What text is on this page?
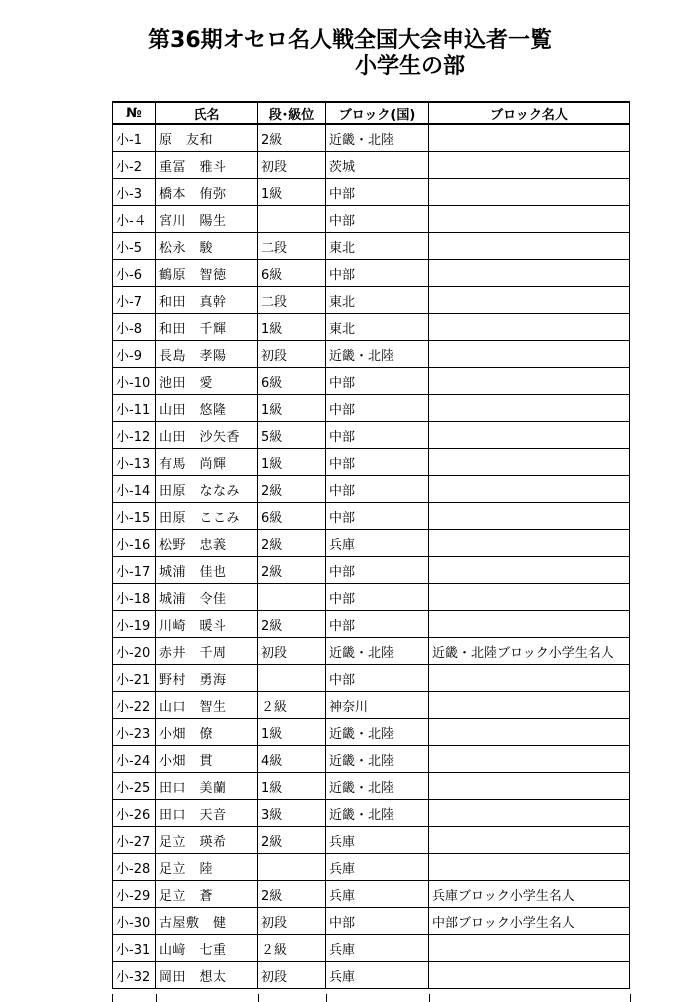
第36期オセロ名人戦全国大会申込者一覧
小学生の部
№	氏名	段･級位	ブロック(国)	ブロック名人
小-1	原　友和	2級	近畿・北陸	
小-2	重冨　雅斗	初段	茨城	
小-3	橋本　侑弥	1級	中部	
小-４	宮川　陽生		中部	
小-5	松永　駿	二段	東北	
小-6	鶴原　智徳	6級	中部	
小-7	和田　真幹	二段	東北	
小-8	和田　千輝	1級	東北	
小-9	長島　孝陽	初段	近畿・北陸	
小-10	池田　愛	6級	中部	
小-11	山田　悠隆	1級	中部	
小-12	山田　沙矢香	5級	中部	
小-13	有馬　尚輝	1級	中部	
小-14	田原　ななみ	2級	中部	
小-15	田原　ここみ	6級	中部	
小-16	松野　忠義	2級	兵庫	
小-17	城浦　佳也	2級	中部	
小-18	城浦　令佳		中部	
小-19	川崎　暖斗	2級	中部	
小-20	赤井　千周	初段	近畿・北陸	近畿・北陸ブロック小学生名人
小-21	野村　勇海		中部	
小-22	山口　智生	２級	神奈川	
小-23	小畑　僚	1級	近畿・北陸	
小-24	小畑　貫	4級	近畿・北陸	
小-25	田口　美蘭	1級	近畿・北陸	
小-26	田口　天音	3級	近畿・北陸	
小-27	足立　瑛希	2級	兵庫	
小-28	足立　陸		兵庫	
小-29	足立　蒼	2級	兵庫	兵庫ブロック小学生名人
小-30	古屋敷　健	初段	中部	中部ブロック小学生名人
小-31	山﨑　七重	２級	兵庫	
小-32	岡田　想太	初段	兵庫	
